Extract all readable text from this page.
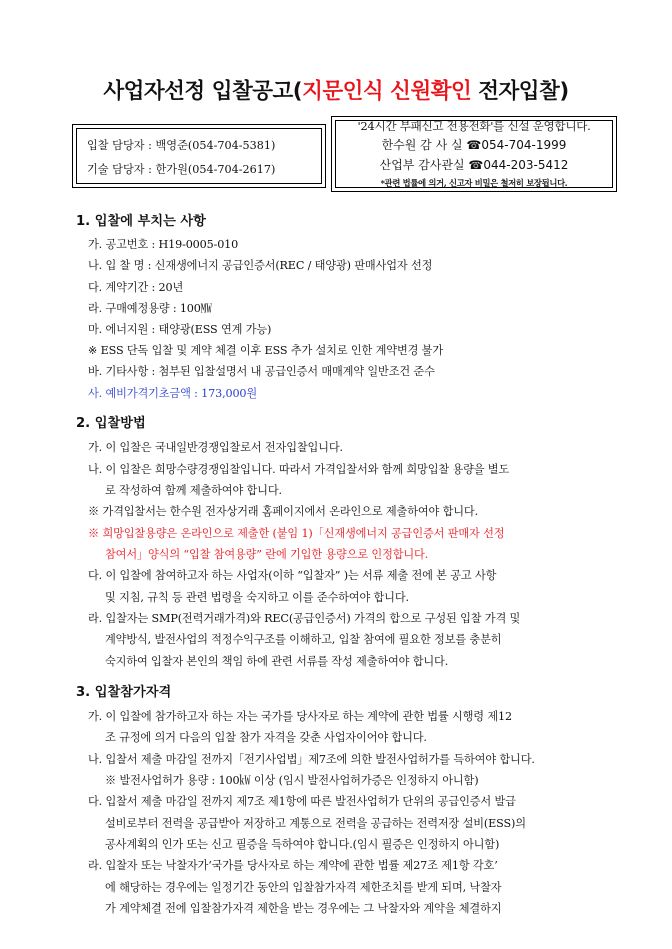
사업자선정 입찰공고(지문인식 신원확인 전자입찰)
입찰 담당자 : 백영준(054-704-5381)
기술 담당자 : 한가원(054-704-2617)
'24시간 부패신고 전용전화'를 신설 운영합니다.
한수원 감 사 실 ☎054-704-1999
산업부 감사관실 ☎044-203-5412
*관련 법률에 의거, 신고자 비밀은 철저히 보장됩니다.
1. 입찰에 부치는 사항
가. 공고번호 : H19-0005-010
나. 입 찰 명 : 신재생에너지 공급인증서(REC / 태양광) 판매사업자 선정
다. 계약기간 : 20년
라. 구매예정용량 : 100㎿
마. 에너지원 : 태양광(ESS 연계 가능)
※ ESS 단독 입찰 및 계약 체결 이후 ESS 추가 설치로 인한 계약변경 불가
바. 기타사항 : 첨부된 입찰설명서 내 공급인증서 매매계약 일반조건 준수
사. 예비가격기초금액 : 173,000원
2. 입찰방법
가. 이 입찰은 국내일반경쟁입찰로서 전자입찰입니다.
나. 이 입찰은 희망수량경쟁입찰입니다. 따라서 가격입찰서와 함께 희망입찰 용량을 별도
로 작성하여 함께 제출하여야 합니다.
※ 가격입찰서는 한수원 전자상거래 홈페이지에서 온라인으로 제출하여야 합니다.
※ 희망입찰용량은 온라인으로 제출한 (붙임 1)「신재생에너지 공급인증서 판매자 선정
참여서」양식의 “입찰 참여용량” 란에 기입한 용량으로 인정합니다.
다. 이 입찰에 참여하고자 하는 사업자(이하 “입찰자” )는 서류 제출 전에 본 공고 사항
및 지침, 규칙 등 관련 법령을 숙지하고 이를 준수하여야 합니다.
라. 입찰자는 SMP(전력거래가격)와 REC(공급인증서) 가격의 합으로 구성된 입찰 가격 및
계약방식, 발전사업의 적정수익구조를 이해하고, 입찰 참여에 필요한 정보를 충분히
숙지하여 입찰자 본인의 책임 하에 관련 서류를 작성 제출하여야 합니다.
3. 입찰참가자격
가. 이 입찰에 참가하고자 하는 자는 국가를 당사자로 하는 계약에 관한 법률 시행령 제12
조 규정에 의거 다음의 입찰 참가 자격을 갖춘 사업자이어야 합니다.
나. 입찰서 제출 마감일 전까지「전기사업법」제7조에 의한 발전사업허가를 득하여야 합니다.
※ 발전사업허가 용량 : 100㎾ 이상 (임시 발전사업허가증은 인정하지 아니함)
다. 입찰서 제출 마감일 전까지 제7조 제1항에 따른 발전사업허가 단위의 공급인증서 발급
설비로부터 전력을 공급받아 저장하고 계통으로 전력을 공급하는 전력저장 설비(ESS)의
공사계획의 인가 또는 신고 필증을 득하여야 합니다.(임시 필증은 인정하지 아니함)
라. 입찰자 또는 낙찰자가‘국가를 당사자로 하는 계약에 관한 법률 제27조 제1항 각호’
에 해당하는 경우에는 일정기간 동안의 입찰참가자격 제한조치를 받게 되며, 낙찰자
가 계약체결 전에 입찰참가자격 제한을 받는 경우에는 그 낙찰자와 계약을 체결하지
